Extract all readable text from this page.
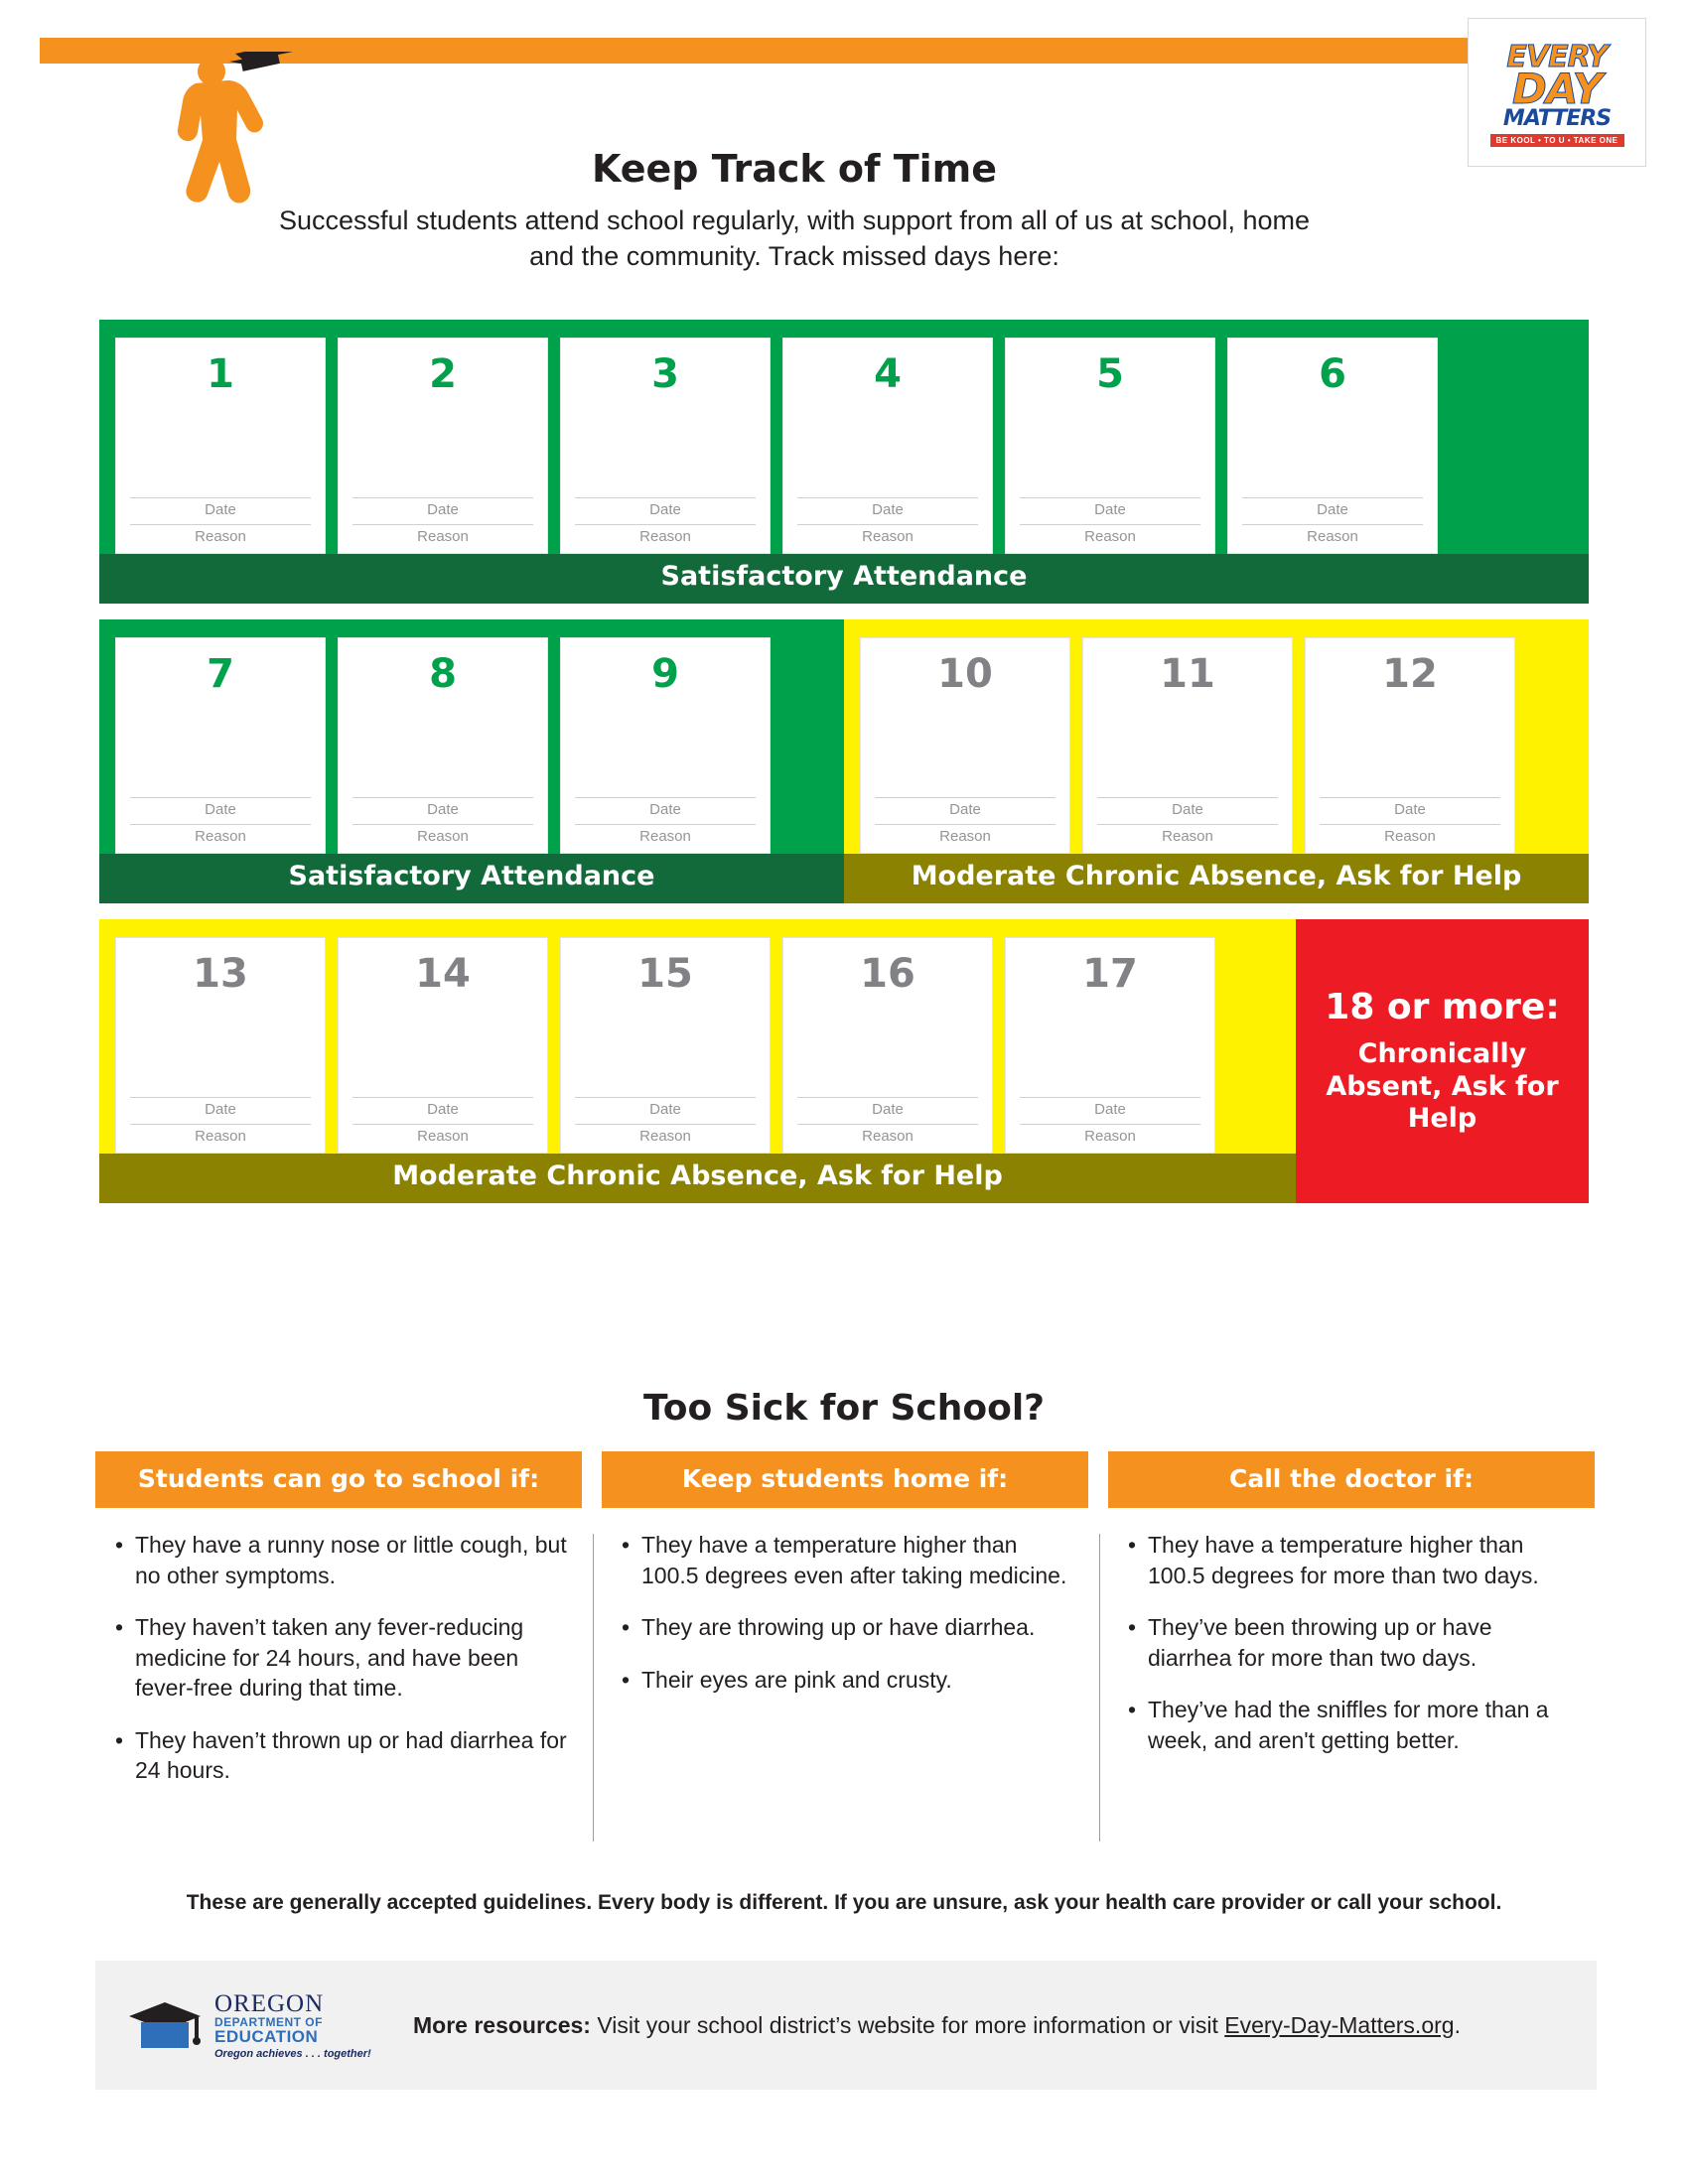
EVERY
DAY
MATTERS
BE KOOL • TO U • TAKE ONE
Keep Track of Time
Successful students attend school regularly, with support from all of us at school, home and the community. Track missed days here:
1
Date
Reason
2
Date
Reason
3
Date
Reason
4
Date
Reason
5
Date
Reason
6
Date
Reason
Satisfactory Attendance
7
Date
Reason
8
Date
Reason
9
Date
Reason
Satisfactory Attendance
10
Date
Reason
11
Date
Reason
12
Date
Reason
Moderate Chronic Absence, Ask for Help
13
Date
Reason
14
Date
Reason
15
Date
Reason
16
Date
Reason
17
Date
Reason
Moderate Chronic Absence, Ask for Help
18 or more:
Chronically Absent, Ask for Help
Too Sick for School?
Students can go to school if:
• They have a runny nose or little cough, but no other symptoms.
• They haven’t taken any fever-reducing medicine for 24 hours, and have been fever-free during that time.
• They haven’t thrown up or had diarrhea for 24 hours.
Keep students home if:
• They have a temperature higher than 100.5 degrees even after taking medicine.
• They are throwing up or have diarrhea.
• Their eyes are pink and crusty.
Call the doctor if:
• They have a temperature higher than 100.5 degrees for more than two days.
• They’ve been throwing up or have diarrhea for more than two days.
• They’ve had the sniffles for more than a week, and aren't getting better.
These are generally accepted guidelines. Every body is different. If you are unsure, ask your health care provider or call your school.
OREGON
DEPARTMENT OF
EDUCATION
Oregon achieves . . . together!
More resources: Visit your school district’s website for more information or visit Every-Day-Matters.org.
